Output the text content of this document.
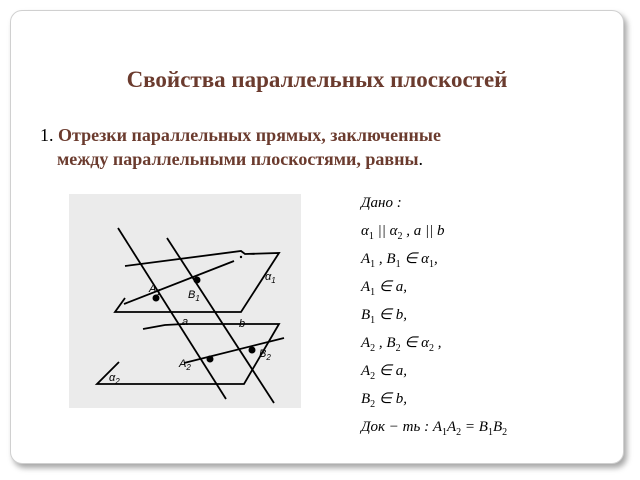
Свойства параллельных плоскостей
1. Отрезки параллельных прямых, заключенные
между параллельными плоскостями, равны.
$\alpha_1$
$\alpha_2$
$A_1$ $B_1$
$A_2$
$B_2$
a	b
Дано :
$\alpha_1$ || $\alpha_2$ , a || b
$A_1$ , $B_1$ ∈ $\alpha_1$,
$A_1$ ∈ a,
$B_1$ ∈ b,
$A_2$ , $B_2$ ∈ $\alpha_2$ ,
$A_2$ ∈ a,
$B_2$ ∈ b,
Док − ть : $A_1A_2 = B_1B_2$
